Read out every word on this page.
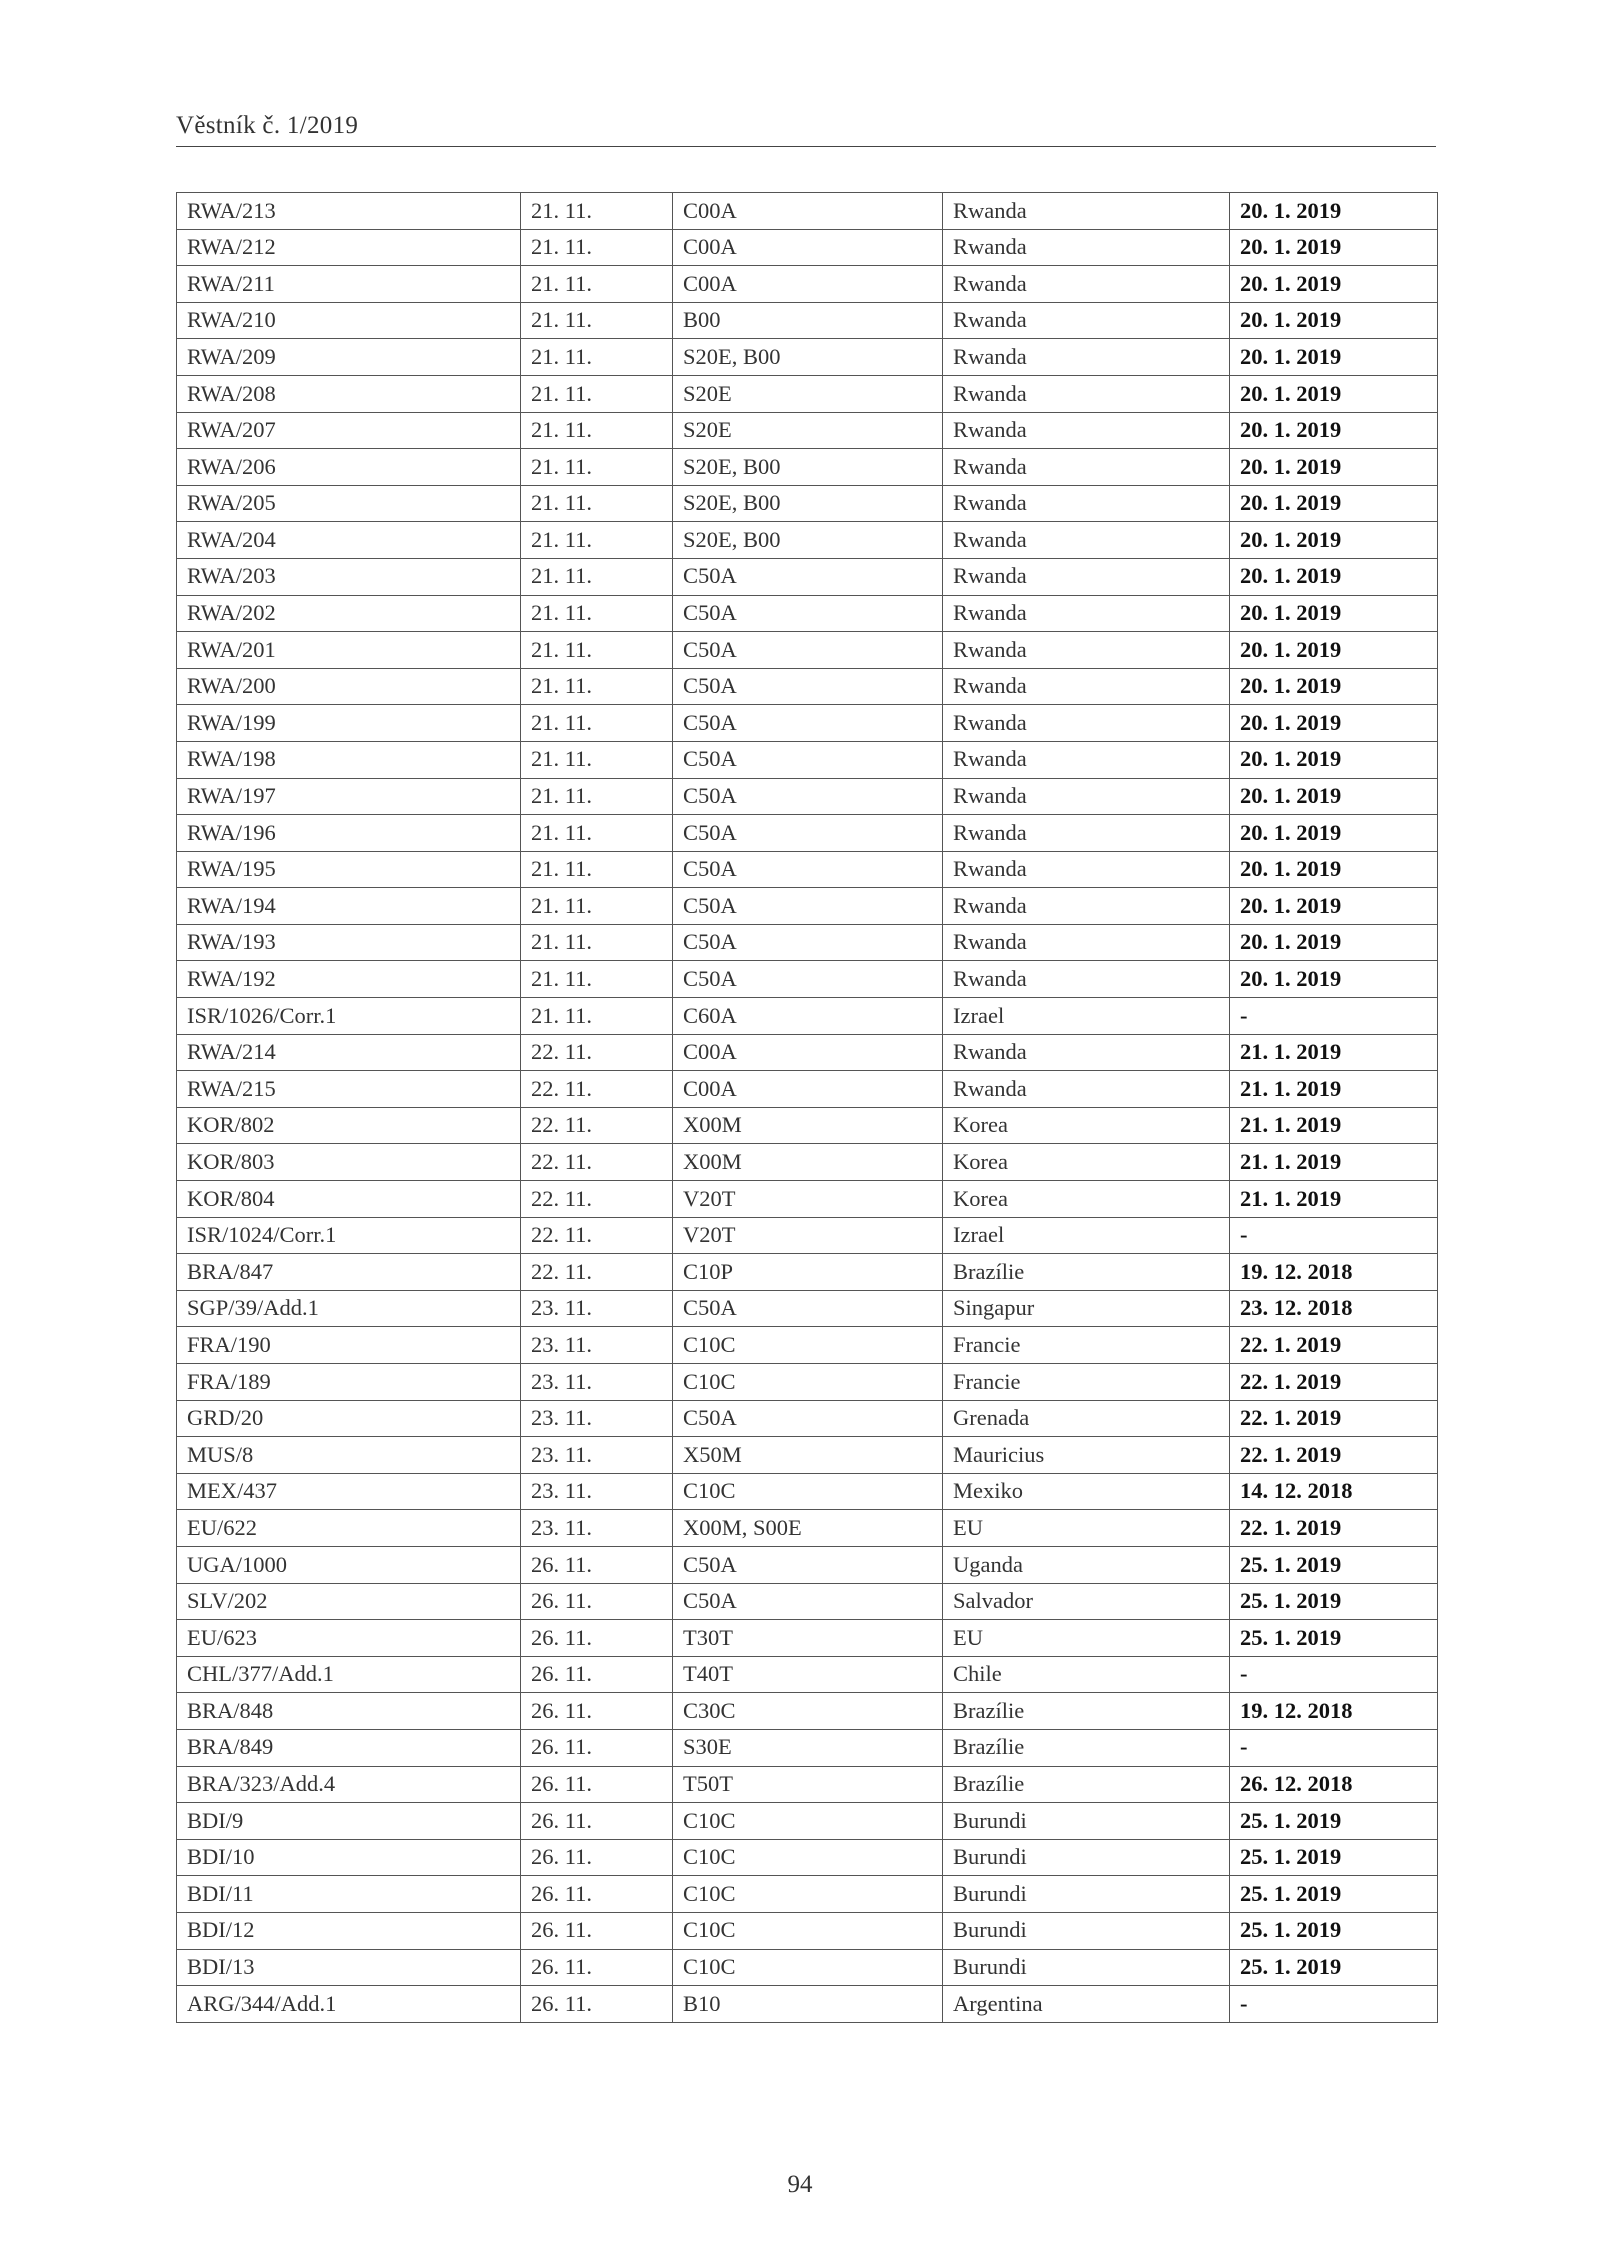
Věstník č. 1/2019
RWA/213	21. 11.	C00A	Rwanda	20. 1. 2019
RWA/212	21. 11.	C00A	Rwanda	20. 1. 2019
RWA/211	21. 11.	C00A	Rwanda	20. 1. 2019
RWA/210	21. 11.	B00	Rwanda	20. 1. 2019
RWA/209	21. 11.	S20E, B00	Rwanda	20. 1. 2019
RWA/208	21. 11.	S20E	Rwanda	20. 1. 2019
RWA/207	21. 11.	S20E	Rwanda	20. 1. 2019
RWA/206	21. 11.	S20E, B00	Rwanda	20. 1. 2019
RWA/205	21. 11.	S20E, B00	Rwanda	20. 1. 2019
RWA/204	21. 11.	S20E, B00	Rwanda	20. 1. 2019
RWA/203	21. 11.	C50A	Rwanda	20. 1. 2019
RWA/202	21. 11.	C50A	Rwanda	20. 1. 2019
RWA/201	21. 11.	C50A	Rwanda	20. 1. 2019
RWA/200	21. 11.	C50A	Rwanda	20. 1. 2019
RWA/199	21. 11.	C50A	Rwanda	20. 1. 2019
RWA/198	21. 11.	C50A	Rwanda	20. 1. 2019
RWA/197	21. 11.	C50A	Rwanda	20. 1. 2019
RWA/196	21. 11.	C50A	Rwanda	20. 1. 2019
RWA/195	21. 11.	C50A	Rwanda	20. 1. 2019
RWA/194	21. 11.	C50A	Rwanda	20. 1. 2019
RWA/193	21. 11.	C50A	Rwanda	20. 1. 2019
RWA/192	21. 11.	C50A	Rwanda	20. 1. 2019
ISR/1026/Corr.1	21. 11.	C60A	Izrael	-
RWA/214	22. 11.	C00A	Rwanda	21. 1. 2019
RWA/215	22. 11.	C00A	Rwanda	21. 1. 2019
KOR/802	22. 11.	X00M	Korea	21. 1. 2019
KOR/803	22. 11.	X00M	Korea	21. 1. 2019
KOR/804	22. 11.	V20T	Korea	21. 1. 2019
ISR/1024/Corr.1	22. 11.	V20T	Izrael	-
BRA/847	22. 11.	C10P	Brazílie	19. 12. 2018
SGP/39/Add.1	23. 11.	C50A	Singapur	23. 12. 2018
FRA/190	23. 11.	C10C	Francie	22. 1. 2019
FRA/189	23. 11.	C10C	Francie	22. 1. 2019
GRD/20	23. 11.	C50A	Grenada	22. 1. 2019
MUS/8	23. 11.	X50M	Mauricius	22. 1. 2019
MEX/437	23. 11.	C10C	Mexiko	14. 12. 2018
EU/622	23. 11.	X00M, S00E	EU	22. 1. 2019
UGA/1000	26. 11.	C50A	Uganda	25. 1. 2019
SLV/202	26. 11.	C50A	Salvador	25. 1. 2019
EU/623	26. 11.	T30T	EU	25. 1. 2019
CHL/377/Add.1	26. 11.	T40T	Chile	-
BRA/848	26. 11.	C30C	Brazílie	19. 12. 2018
BRA/849	26. 11.	S30E	Brazílie	-
BRA/323/Add.4	26. 11.	T50T	Brazílie	26. 12. 2018
BDI/9	26. 11.	C10C	Burundi	25. 1. 2019
BDI/10	26. 11.	C10C	Burundi	25. 1. 2019
BDI/11	26. 11.	C10C	Burundi	25. 1. 2019
BDI/12	26. 11.	C10C	Burundi	25. 1. 2019
BDI/13	26. 11.	C10C	Burundi	25. 1. 2019
ARG/344/Add.1	26. 11.	B10	Argentina	-
94
